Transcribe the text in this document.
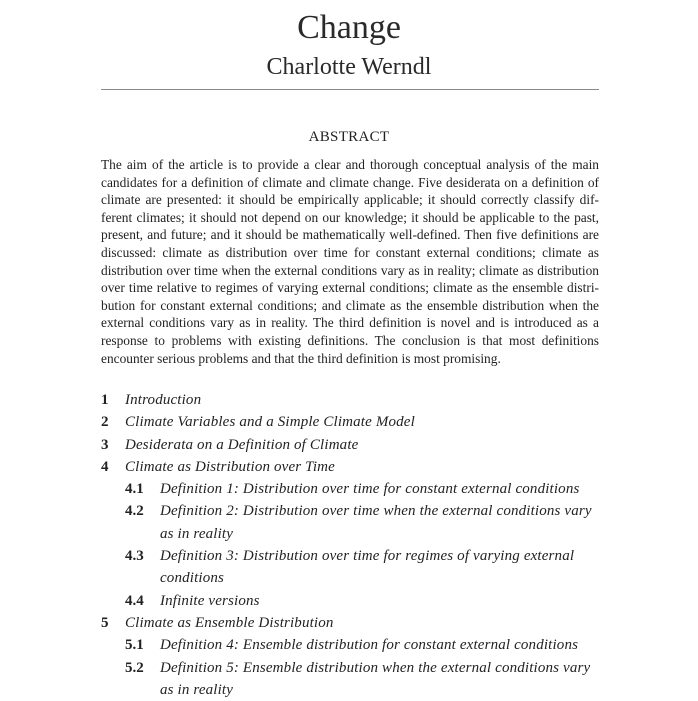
Change
Charlotte Werndl
ABSTRACT
The aim of the article is to provide a clear and thorough conceptual analysis of the main
candidates for a definition of climate and climate change. Five desiderata on a definition of
climate are presented: it should be empirically applicable; it should correctly classify dif-
ferent climates; it should not depend on our knowledge; it should be applicable to the past,
present, and future; and it should be mathematically well-defined. Then five definitions are
discussed: climate as distribution over time for constant external conditions; climate as
distribution over time when the external conditions vary as in reality; climate as distribution
over time relative to regimes of varying external conditions; climate as the ensemble distri-
bution for constant external conditions; and climate as the ensemble distribution when the
external conditions vary as in reality. The third definition is novel and is introduced as a
response to problems with existing definitions. The conclusion is that most definitions
encounter serious problems and that the third definition is most promising.
1	Introduction
2	Climate Variables and a Simple Climate Model
3	Desiderata on a Definition of Climate
4	Climate as Distribution over Time
4.1	Definition 1: Distribution over time for constant external conditions
4.2	Definition 2: Distribution over time when the external conditions vary as in reality
4.3	Definition 3: Distribution over time for regimes of varying external conditions
4.4	Infinite versions
5	Climate as Ensemble Distribution
5.1	Definition 4: Ensemble distribution for constant external conditions
5.2	Definition 5: Ensemble distribution when the external conditions vary as in reality
